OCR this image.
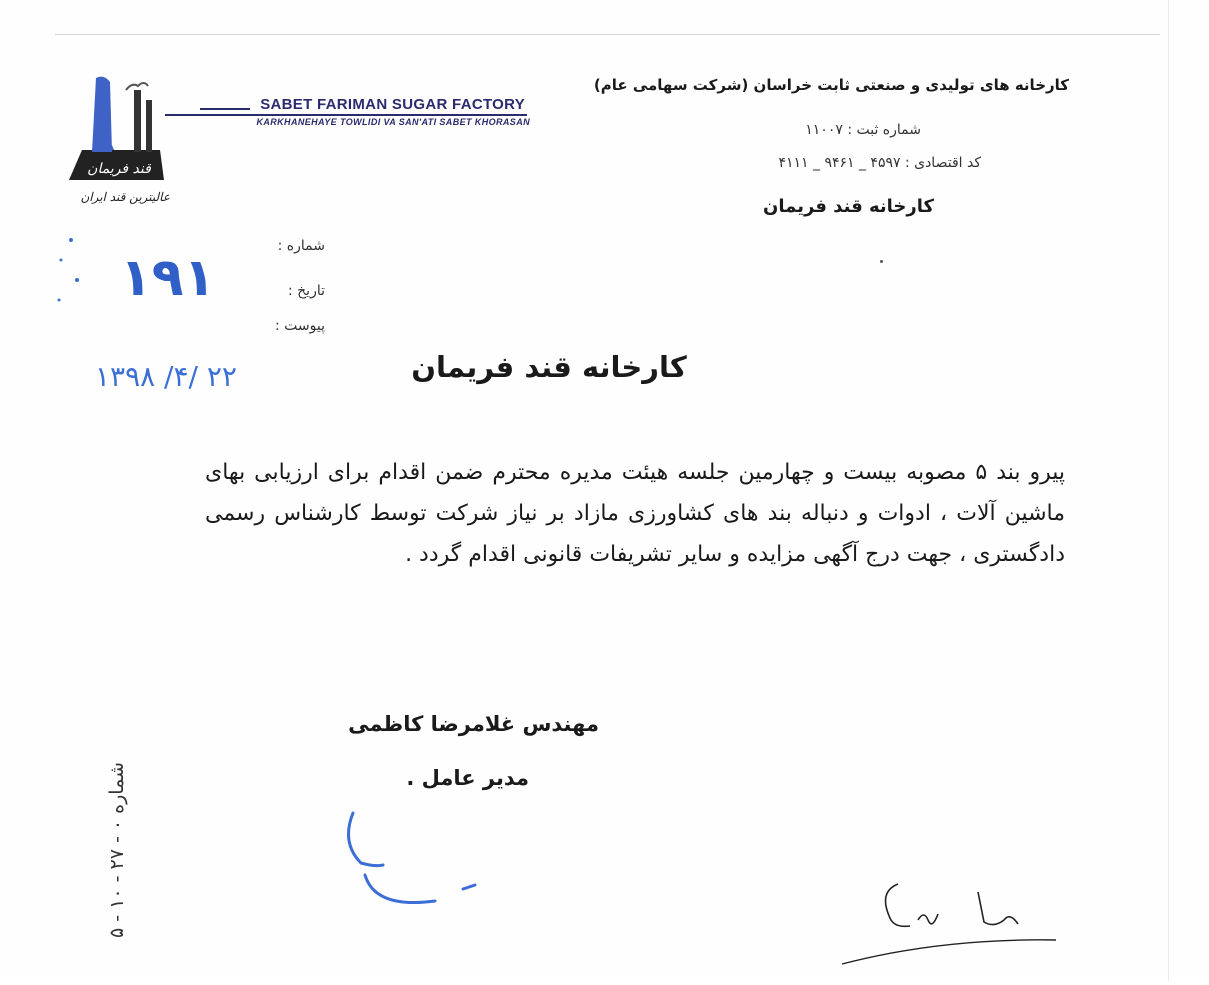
قند فریمان
عالیترین قند ایران
SABET FARIMAN SUGAR FACTORY
KARKHANEHAYE TOWLIDI VA SAN'ATI SABET KHORASAN
کارخانه های تولیدی و صنعتی ثابت خراسان (شرکت سهامی عام)
شماره ثبت : ۱۱۰۰۷
کد اقتصادی : ۴۵۹۷ _ ۹۴۶۱ _ ۴۱۱۱
کارخانه قند فریمان
شماره :
تاریخ :
پیوست :
۱۹۱
۱۳۹۸ /۴/ ۲۲	کارخانه قند فریمان
پیرو بند ۵ مصوبه بیست و چهارمین جلسه هیئت مدیره محترم ضمن اقدام برای ارزیابی بهای ماشین آلات ، ادوات و دنباله بند های کشاورزی مازاد بر نیاز شرکت توسط کارشناس رسمی دادگستری ، جهت درج آگهی مزایده و سایر تشریفات قانونی اقدام گردد .
مهندس غلامرضا کاظمی
مدیر عامل .
شماره ۰ - ۲۷ - ۱۰ - ۵
